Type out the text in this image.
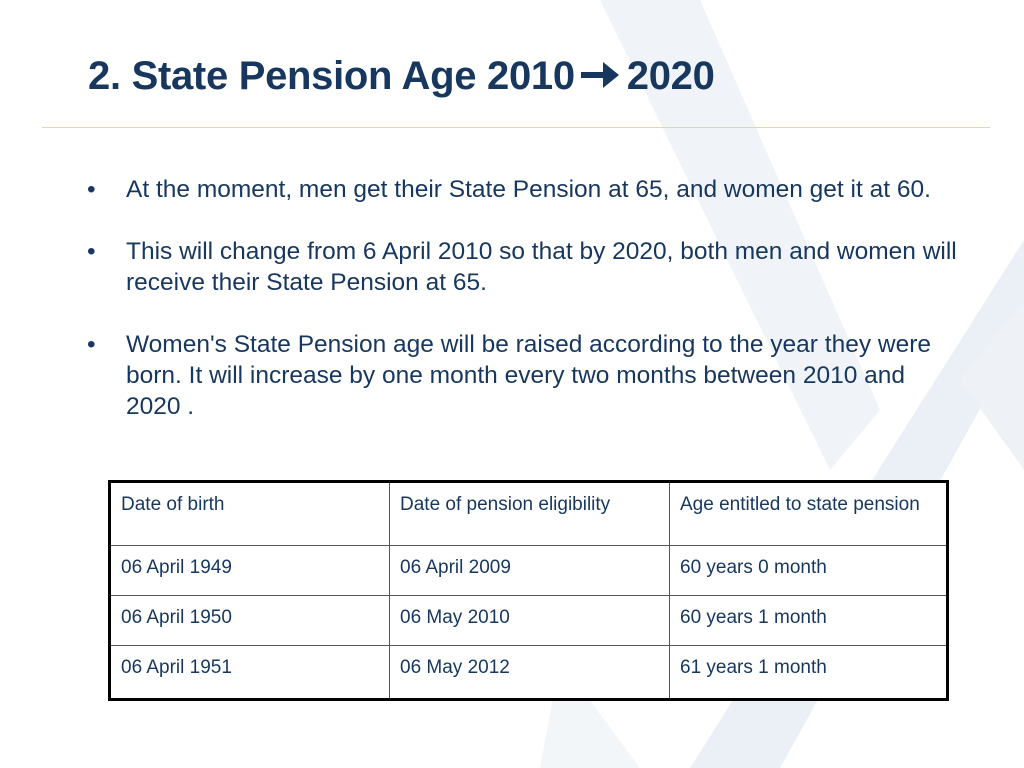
2. State Pension Age 2010 2020
• At the moment, men get their State Pension at 65, and women get it at 60.
• This will change from 6 April 2010 so that by 2020, both men and women will receive their State Pension at 65.
• Women's State Pension age will be raised according to the year they were born. It will increase by one month every two months between 2010 and 2020 .
Date of birth	Date of pension eligibility	Age entitled to state pension
06 April 1949	06 April 2009	60 years 0 month
06 April 1950	06 May 2010	60 years 1 month
06 April 1951	06 May 2012	61 years 1 month
